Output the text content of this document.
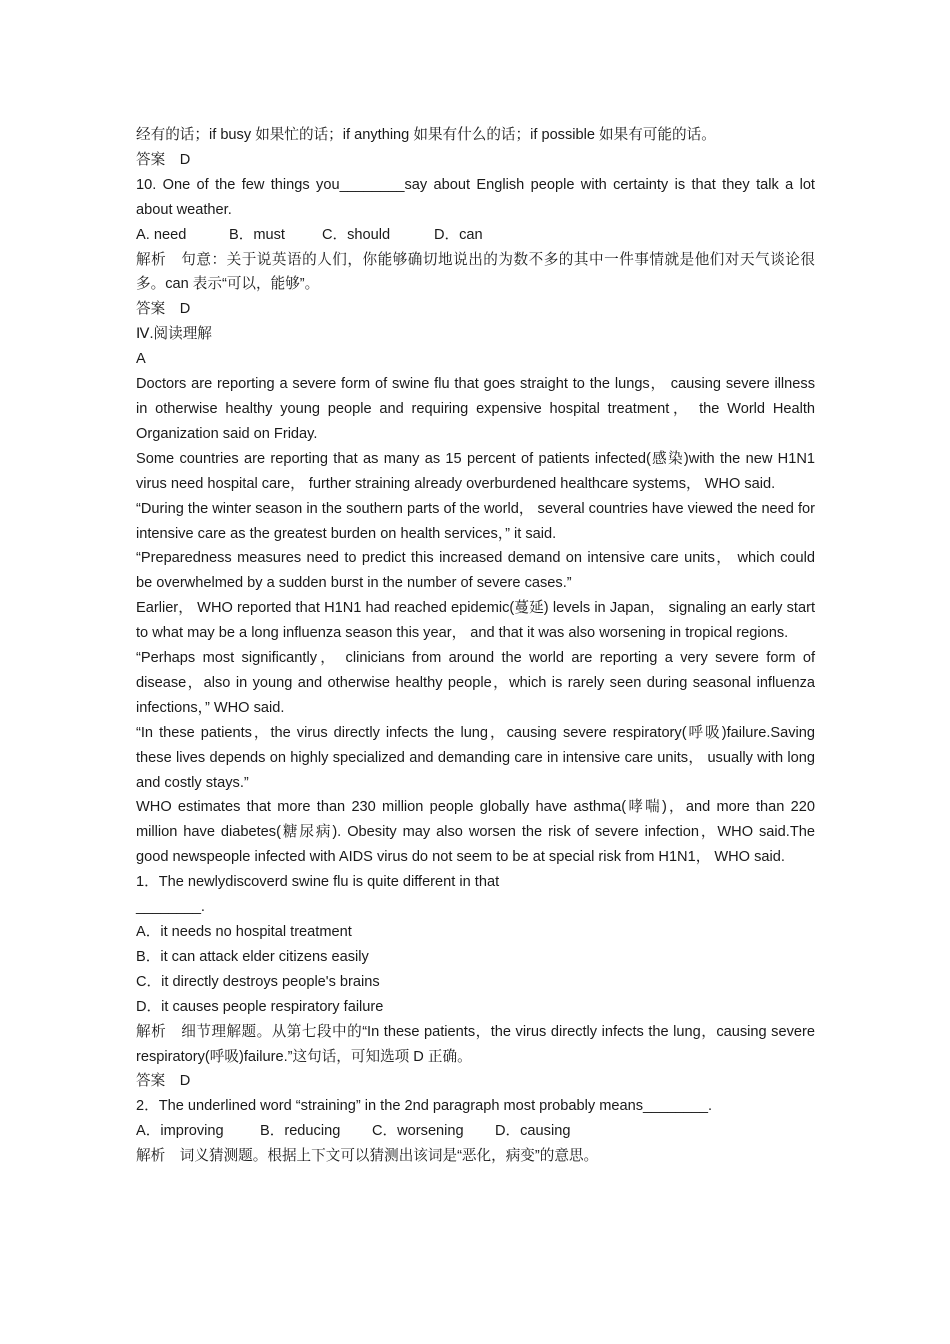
经有的话；if busy 如果忙的话；if anything 如果有什么的话；if possible 如果有可能的话。
答案　D
10. One of the few things you________say about English people with certainty is that they talk a lot about weather.
A. need	B．must	C．should	D．can
解析　句意：关于说英语的人们，你能够确切地说出的为数不多的其中一件事情就是他们对天气谈论很多。can 表示“可以，能够”。
答案　D
Ⅳ.阅读理解
A
Doctors are reporting a severe form of swine flu that goes straight to the lungs， causing severe illness in otherwise healthy young people and requiring expensive hospital treatment， the World Health Organization said on Friday.
Some countries are reporting that as many as 15 percent of patients infected(感染)with the new H1N1 virus need hospital care， further straining already overburdened healthcare systems， WHO said.
“During the winter season in the southern parts of the world， several countries have viewed the need for intensive care as the greatest burden on health services，” it said.
“Preparedness measures need to predict this increased demand on intensive care units， which could be overwhelmed by a sudden burst in the number of severe cases.”
Earlier， WHO reported that H1N1 had reached epidemic(蔓延) levels in Japan， signaling an early start to what may be a long influenza season this year， and that it was also worsening in tropical regions.
“Perhaps most significantly， clinicians from around the world are reporting a very severe form of disease，also in young and otherwise healthy people，which is rarely seen during seasonal influenza infections，” WHO said.
“In these patients，the virus directly infects the lung，causing severe respiratory(呼吸)failure.Saving these lives depends on highly specialized and demanding care in intensive care units， usually with long and costly stays.”
WHO estimates that more than 230 million people globally have asthma(哮喘)，and more than 220 million have diabetes(糖尿病). Obesity may also worsen the risk of severe infection，WHO said.The good newspeople infected with AIDS virus do not seem to be at special risk from H1N1， WHO said.
1．The newlydiscoverd swine flu is quite different in that
________.
A．it needs no hospital treatment
B．it can attack elder citizens easily
C．it directly destroys people's brains
D．it causes people respiratory failure
解析　细节理解题。从第七段中的“In these patients，the virus directly infects the lung，causing severe respiratory(呼吸)failure.”这句话，可知选项 D 正确。
答案　D
2．The underlined word “straining” in the 2nd paragraph most probably means________.
A．improving B．reducing C．worsening D．causing
解析　词义猜测题。根据上下文可以猜测出该词是“恶化，病变”的意思。
